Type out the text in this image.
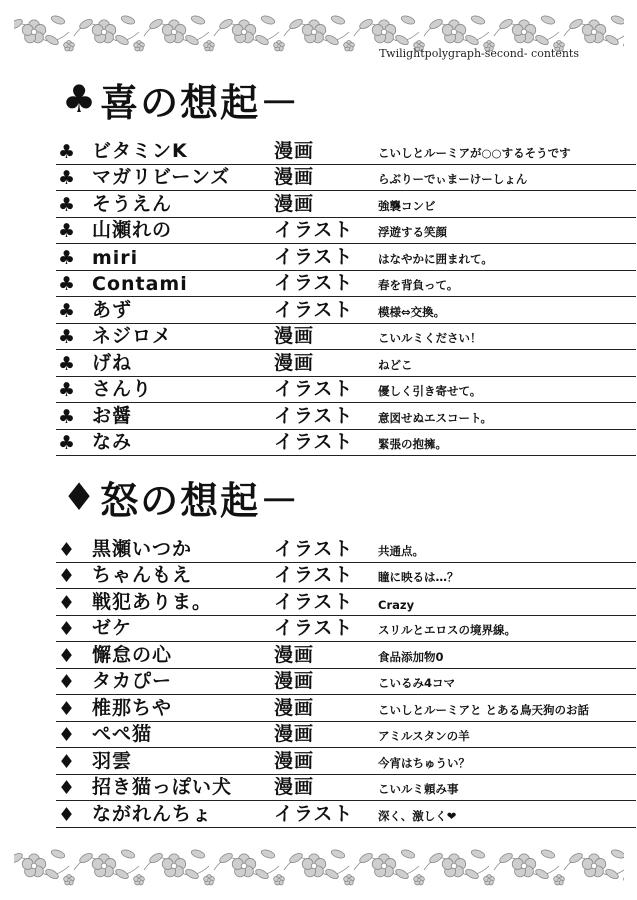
Twilightpolygraph-second- contents
♣ 喜の想起－
♣ ビタミンK	漫画	こいしとルーミアが○○するそうです
♣ マガリビーンズ 漫画	らぶりーでぃまーけーしょん
♣ そうえん	漫画	強襲コンビ
♣ 山瀬れの	イラスト 浮遊する笑顔
♣ miri	イラスト はなやかに囲まれて。
♣ Contami	イラスト 春を背負って。
♣ あず	イラスト 模様⇔交換。
♣ ネジロメ	漫画	こいルミください！
♣ げね	漫画	ねどこ
♣ さんり	イラスト 優しく引き寄せて。
♣ お醤	イラスト 意図せぬエスコート。
♣ なみ	イラスト 緊張の抱擁。
♦ 怒の想起－
♦ 黒瀬いつか	イラスト 共通点。
♦ ちゃんもえ	イラスト 瞳に映るは…？
♦ 戦犯ありま。	イラスト Crazy
♦ ゼケ	イラスト スリルとエロスの境界線。
♦ 懈怠の心	漫画	食品添加物0
♦ タカぴー	漫画	こいるみ4コマ
♦ 椎那ちや	漫画	こいしとルーミアと とある鳥天狗のお話
♦ ぺぺ猫	漫画	アミルスタンの羊
♦ 羽雲	漫画	今宵はちゅうい？
♦ 招き猫っぽい犬 漫画	こいルミ頼み事
♦ ながれんちょ	イラスト 深く、激しく❤
